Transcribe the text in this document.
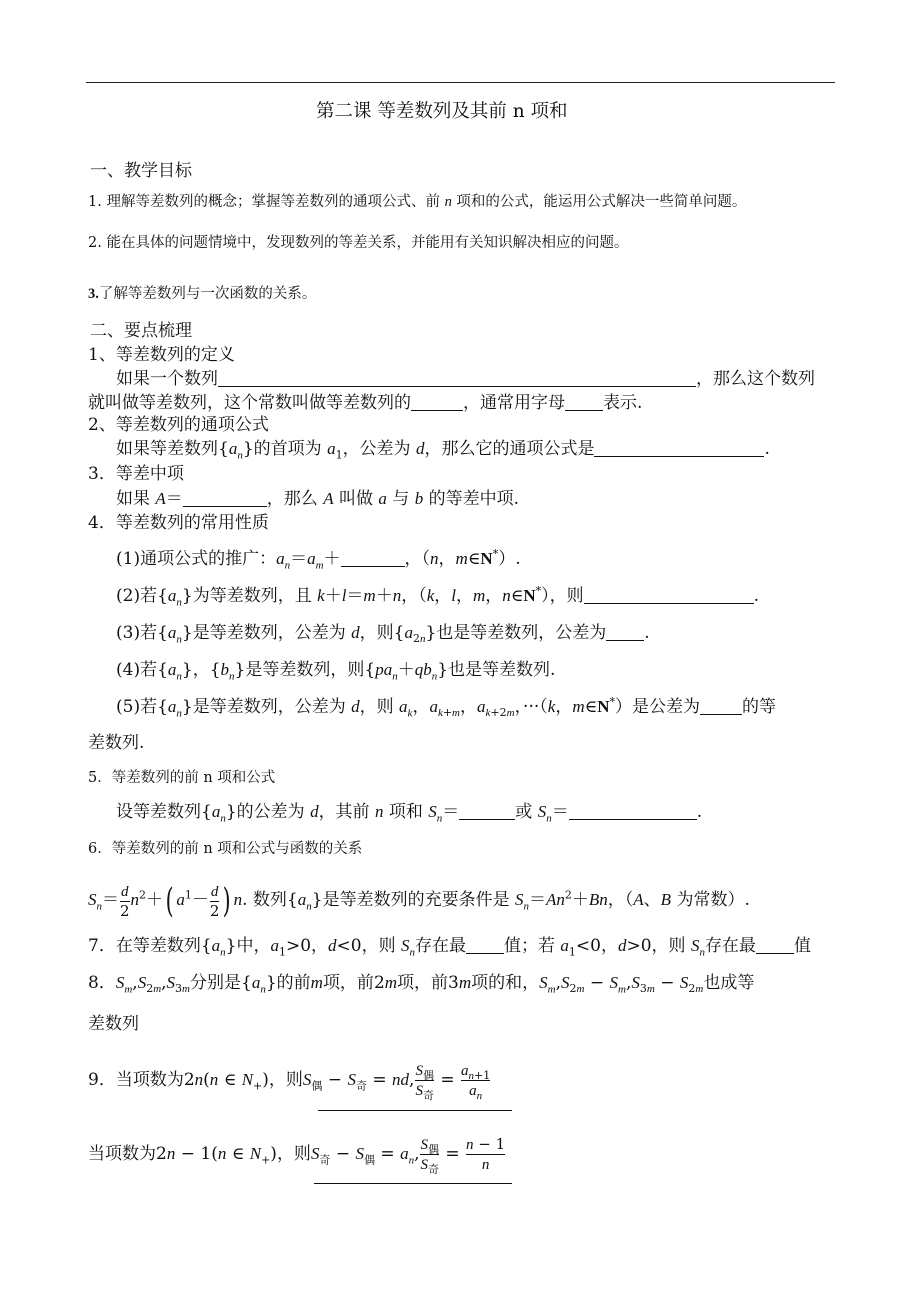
第二课 等差数列及其前 n 项和
一、教学目标
1. 理解等差数列的概念；掌握等差数列的通项公式、前 n 项和的公式，能运用公式解决一些简单问题。
2. 能在具体的问题情境中，发现数列的等差关系，并能用有关知识解决相应的问题。
3.了解等差数列与一次函数的关系。
二、要点梳理
1、等差数列的定义
如果一个数列	，那么这个数列
就叫做等差数列，这个常数叫做等差数列的	，通常用字母 表示.
2、等差数列的通项公式
如果等差数列$\{a_n\}$的首项为 $a_1$，公差为 d，那么它的通项公式是	.
3．等差中项
如果 A＝	，那么 A 叫做 a 与 b 的等差中项.
4．等差数列的常用性质
(1)通项公式的推广：$a_n=a_m+$	，（n，m∈N*）.
(2)若$\{a_n\}$为等差数列，且 k＋l＝m＋n，（k，l，m，n∈N*），则	.
(3)若$\{a_n\}$是等差数列，公差为 d，则$\{a_{2n}\}$也是等差数列，公差为 .
(4)若$\{a_n\}$，$\{b_n\}$是等差数列，则$\{pa_n+qb_n\}$也是等差数列.
(5)若$\{a_n\}$是等差数列，公差为 d，则 $a_k$，$a_{k+m}$，$a_{k+2m}$，···（k，m∈N*）是公差为 的等
差数列.
5．等差数列的前 n 项和公式
设等差数列$\{a_n\}$的公差为 d，其前 n 项和 $S_n=$	或 $S_n=$	.
6．等差数列的前 n 项和公式与函数的关系
$S_n= \frac{d}{2} n^2+$( $a^1- \frac{d}{2}$ ) n. 数列$\{a_n\}$是等差数列的充要条件是 $S_n=An^2+Bn$，（A、B 为常数）.
7．在等差数列$\{a_n\}$中，$a_1>0$，d<0，则 $S_n$存在最 值；若 $a_1<0$，d>0，则 $S_n$存在最 值
8．$S_m,S_{2m},S_{3m}$分别是$\{a_n\}$的前m项，前2m项，前3m项的和，$S_m,S_{2m} - S_m,S_{3m} - S_{2m}$也成等
差数列
9．当项数为2n(n ∈ $N_+$)，则$S_偶 - S_奇$ = nd, $\frac{S_偶}{S_奇} = \frac{a_{n+1}}{a_n}$
当项数为2n − 1(n ∈ $N_+$)，则$S_奇 - S_偶 = a_n$, $\frac{S_偶}{S_奇} = \frac{n - 1}{n}$
